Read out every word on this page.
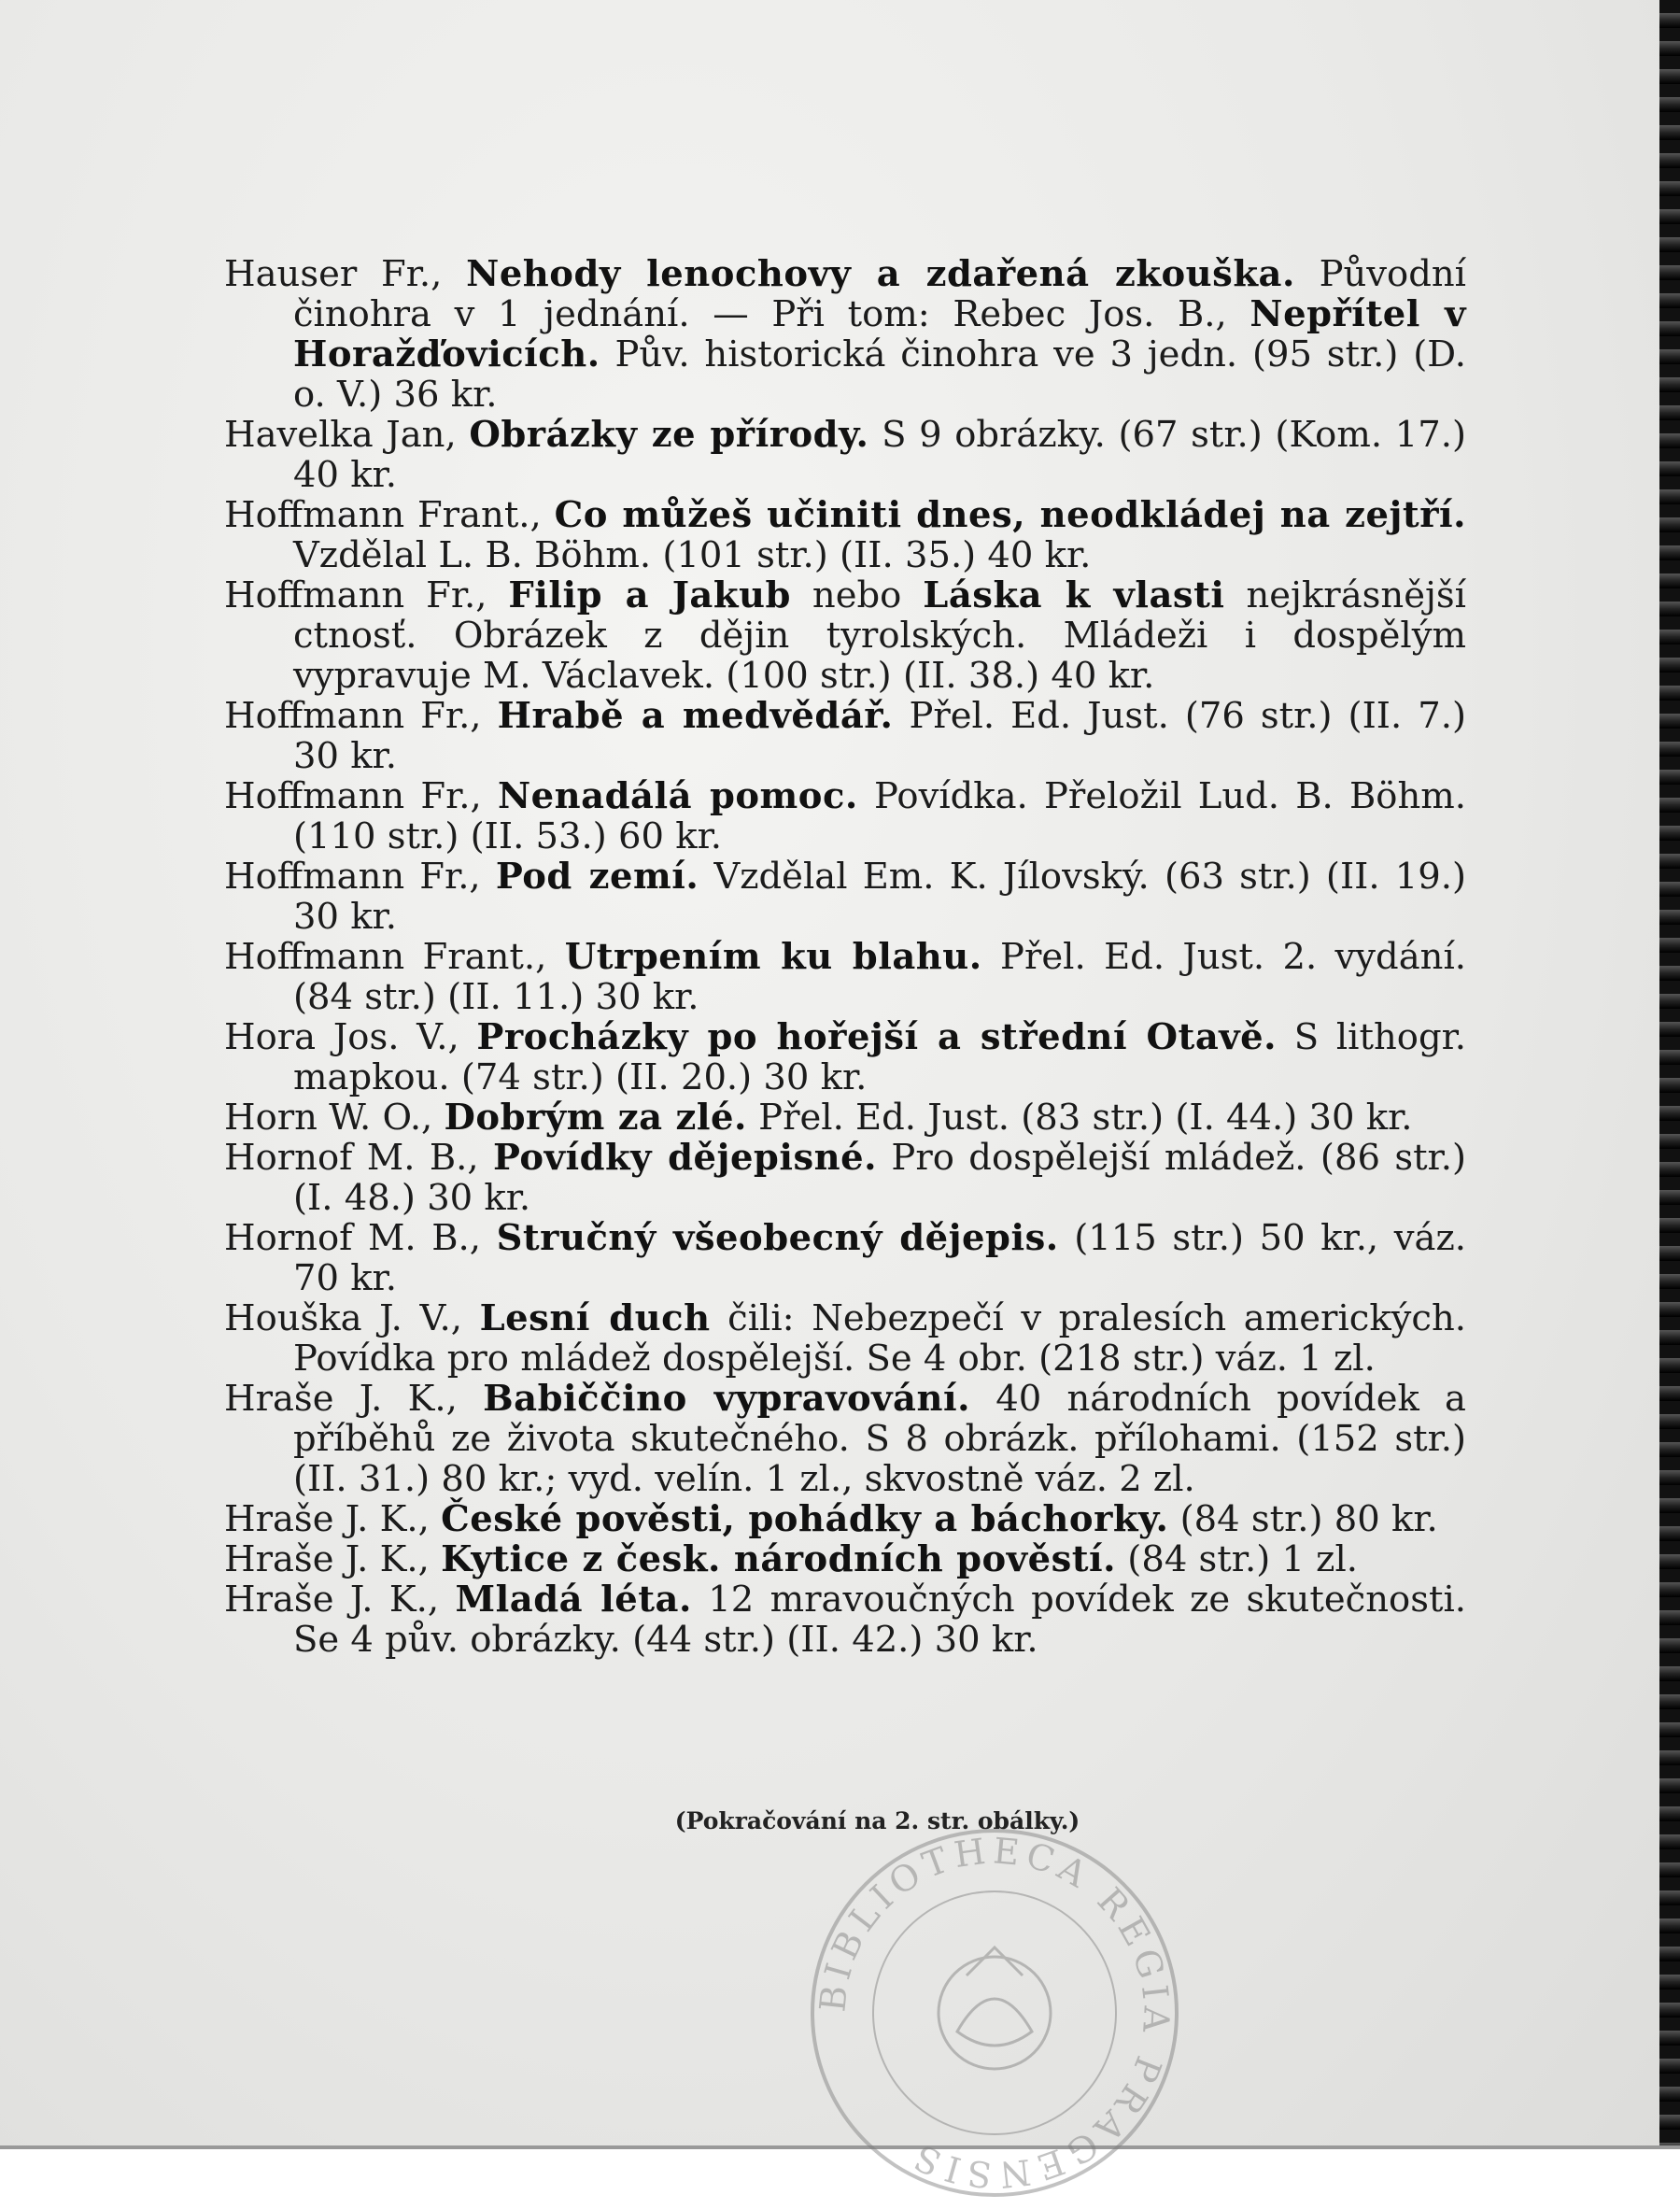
Hauser Fr., Nehody lenochovy a zdařená zkouška. Původní činohra v 1 jednání. — Při tom: Rebec Jos. B., Nepřítel v Horažďovicích. Pův. historická činohra ve 3 jedn. (95 str.) (D. o. V.) 36 kr.

Havelka Jan, Obrázky ze přírody. S 9 obrázky. (67 str.) (Kom. 17.) 40 kr.

Hoffmann Frant., Co můžeš učiniti dnes, neodkládej na zejtří. Vzdělal L. B. Böhm. (101 str.) (II. 35.) 40 kr.

Hoffmann Fr., Filip a Jakub nebo Láska k vlasti nejkrásnější ctnosť. Obrázek z dějin tyrolských. Mládeži i dospělým vypravuje M. Václavek. (100 str.) (II. 38.) 40 kr.

Hoffmann Fr., Hrabě a medvědář. Přel. Ed. Just. (76 str.) (II. 7.) 30 kr.

Hoffmann Fr., Nenadálá pomoc. Povídka. Přeložil Lud. B. Böhm. (110 str.) (II. 53.) 60 kr.

Hoffmann Fr., Pod zemí. Vzdělal Em. K. Jílovský. (63 str.) (II. 19.) 30 kr.

Hoffmann Frant., Utrpením ku blahu. Přel. Ed. Just. 2. vydání. (84 str.) (II. 11.) 30 kr.

Hora Jos. V., Procházky po hořejší a střední Otavě. S lithogr. mapkou. (74 str.) (II. 20.) 30 kr.

Horn W. O., Dobrým za zlé. Přel. Ed. Just. (83 str.) (I. 44.) 30 kr.

Hornof M. B., Povídky dějepisné. Pro dospělejší mládež. (86 str.) (I. 48.) 30 kr.

Hornof M. B., Stručný všeobecný dějepis. (115 str.) 50 kr., váz. 70 kr.

Houška J. V., Lesní duch čili: Nebezpečí v pralesích amerických. Povídka pro mládež dospělejší. Se 4 obr. (218 str.) váz. 1 zl.

Hraše J. K., Babiččino vypravování. 40 národních povídek a příběhů ze života skutečného. S 8 obrázk. přílohami. (152 str.) (II. 31.) 80 kr.; vyd. velín. 1 zl., skvostně váz. 2 zl.

Hraše J. K., České pověsti, pohádky a báchorky. (84 str.) 80 kr.

Hraše J. K., Kytice z česk. národních pověstí. (84 str.) 1 zl.

Hraše J. K., Mladá léta. 12 mravoučných povídek ze skutečnosti. Se 4 pův. obrázky. (44 str.) (II. 42.) 30 kr.

(Pokračování na 2. str. obálky.)
BIBLIOTHECA REGIA PRAGENSIS
